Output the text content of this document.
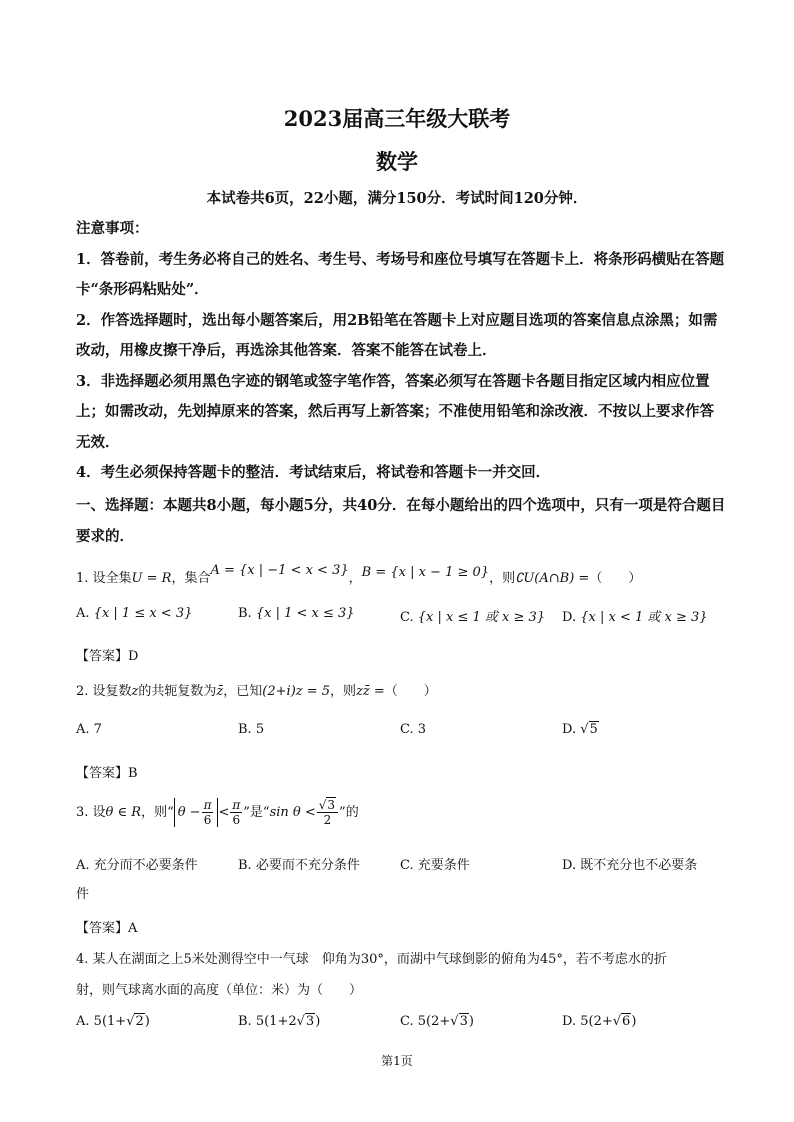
2023届高三年级大联考
数学
本试卷共6页，22小题，满分150分．考试时间120分钟．

注意事项：

1．答卷前，考生务必将自己的姓名、考生号、考场号和座位号填写在答题卡上．将条形码横贴在答题卡“条形码粘贴处”．

2．作答选择题时，选出每小题答案后，用2B铅笔在答题卡上对应题目选项的答案信息点涂黑；如需改动，用橡皮擦干净后，再选涂其他答案．答案不能答在试卷上．

3．非选择题必须用黑色字迹的钢笔或签字笔作答，答案必须写在答题卡各题目指定区域内相应位置上；如需改动，先划掉原来的答案，然后再写上新答案；不准使用铅笔和涂改液．不按以上要求作答无效．

4．考生必须保持答题卡的整洁．考试结束后，将试卷和答题卡一并交回．

一、选择题：本题共8小题，每小题5分，共40分．在每小题给出的四个选项中，只有一项是符合题目要求的．
1. 设全集U = R，集合A = {x | −1 < x < 3}，B = {x | x − 1 ≥ 0}，则∁U(A∩B) =（　　）
A. {x | 1 ≤ x < 3}	B. {x | 1 < x ≤ 3}	C. {x | x ≤ 1 或 x ≥ 3} D. {x | x < 1 或 x ≥ 3}
【答案】D
2. 设复数z的共轭复数为z̄，已知(2+i)z = 5，则zz̄ =（　　）
A. 7	B. 5	C. 3	D. √5
【答案】B
3. 设θ ∈ R，则“ $\theta - \frac{\pi}{6} < \frac{\pi}{6}$ ”是“sin $\theta < \frac{√3}{2}$ ”的
A. 充分而不必要条件	B. 必要而不充分条件	C. 充要条件	D. 既不充分也不必要条
件
【答案】A
4. 某人在湖面之上5米处测得空中一气球　仰角为30°，而湖中气球倒影的俯角为45°，若不考虑水的折
射，则气球离水面的高度（单位：米）为（　　）
A. 5(1+√2)	B. 5(1+2√3)	C. 5(2+√3)	D. 5(2+√6)
第1页
